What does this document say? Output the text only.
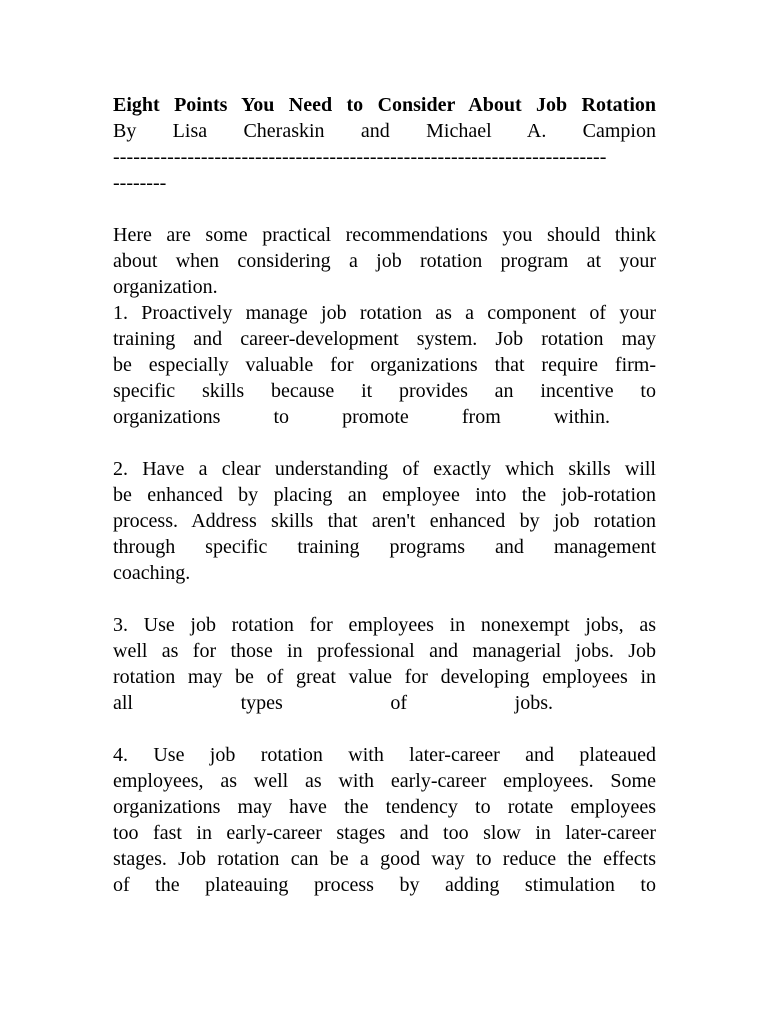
Eight Points You Need to Consider About Job Rotation
By Lisa Cheraskin and Michael A. Campion
-------------------------------------------------------------------------
--------
Here are some practical recommendations you should think
about when considering a job rotation program at your
organization.
1. Proactively manage job rotation as a component of your
training and career-development system. Job rotation may
be especially valuable for organizations that require firm-
specific skills because it provides an incentive to
organizations to promote from within.
2. Have a clear understanding of exactly which skills will
be enhanced by placing an employee into the job-rotation
process. Address skills that aren't enhanced by job rotation
through specific training programs and management
coaching.
3. Use job rotation for employees in nonexempt jobs, as
well as for those in professional and managerial jobs. Job
rotation may be of great value for developing employees in
all types of jobs.
4. Use job rotation with later-career and plateaued
employees, as well as with early-career employees. Some
organizations may have the tendency to rotate employees
too fast in early-career stages and too slow in later-career
stages. Job rotation can be a good way to reduce the effects
of the plateauing process by adding stimulation to
